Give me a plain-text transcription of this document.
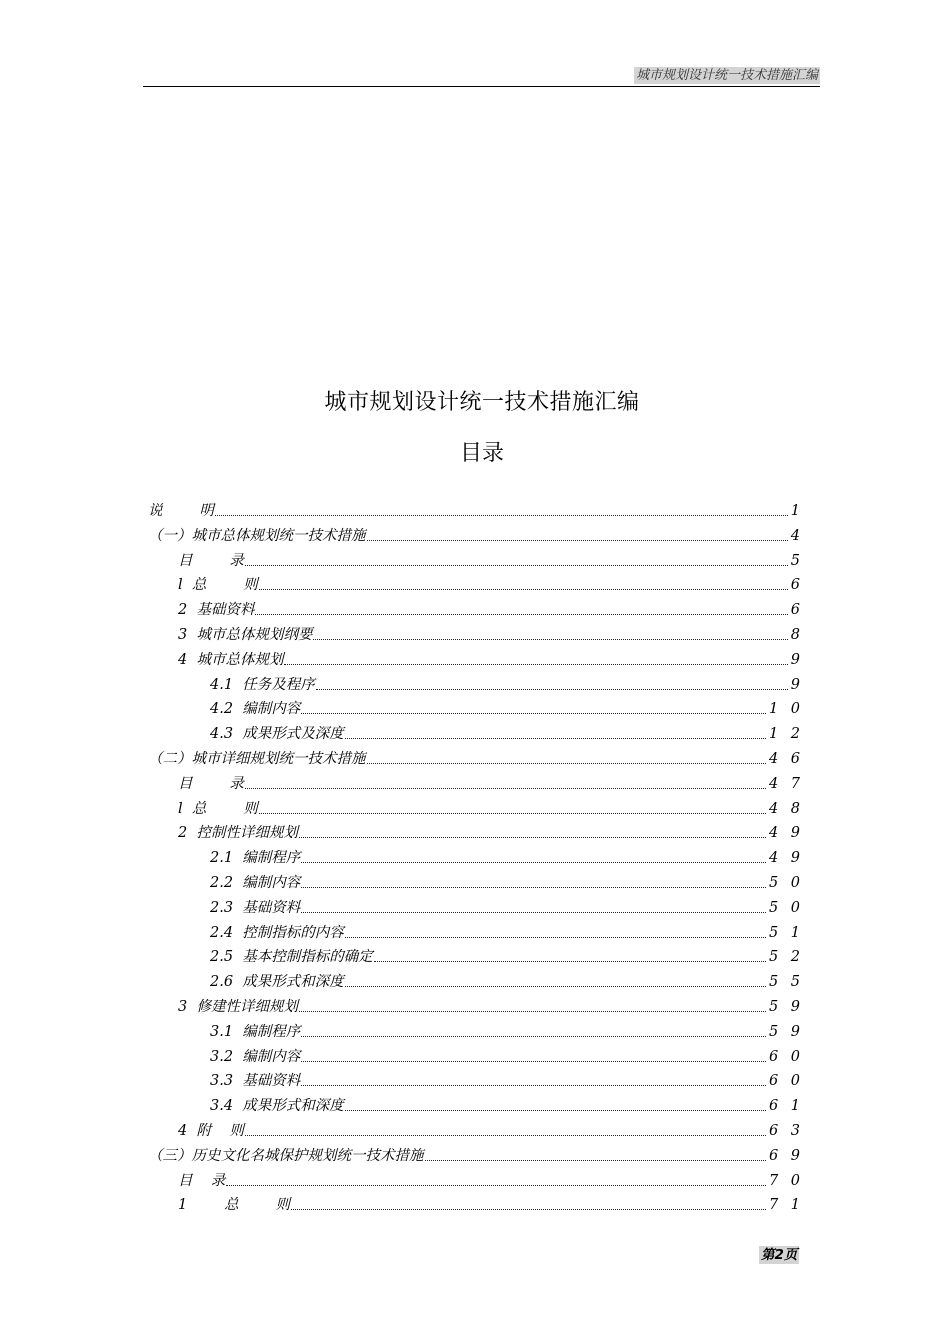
城市规划设计统一技术措施汇编
城市规划设计统一技术措施汇编
目录
说        明	1
（一）城市总体规划统一技术措施	4
目        录	5
l  总        则	6
2  基础资料	6
3  城市总体规划纲要	8
4  城市总体规划	9
4.1  任务及程序	9
4.2  编制内容	1 0
4.3  成果形式及深度	1 2
（二）城市详细规划统一技术措施	4 6
目        录	4 7
l  总        则	4 8
2  控制性详细规划	4 9
2.1  编制程序	4 9
2.2  编制内容	5 0
2.3  基础资料	5 0
2.4  控制指标的内容	5 1
2.5  基本控制指标的确定	5 2
2.6  成果形式和深度	5 5
3  修建性详细规划	5 9
3.1  编制程序	5 9
3.2  编制内容	6 0
3.3  基础资料	6 0
3.4  成果形式和深度	6 1
4  附    则	6 3
（三）历史文化名城保护规划统一技术措施	6 9
目    录	7 0
1        总        则	7 1
第2页
